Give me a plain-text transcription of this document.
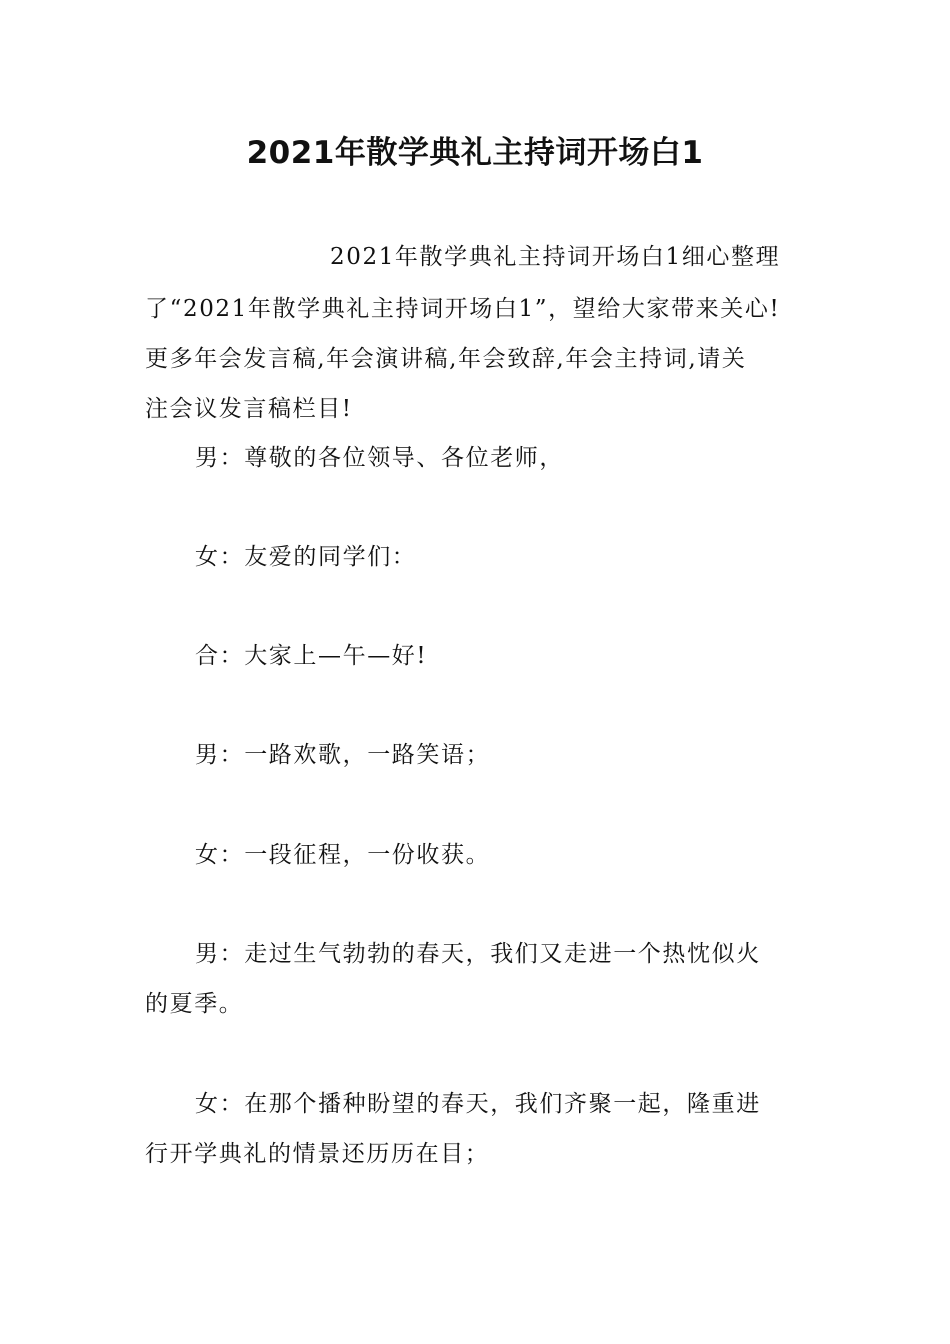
2021年散学典礼主持词开场白1
2021年散学典礼主持词开场白1细心整理
了“2021年散学典礼主持词开场白1”，望给大家带来关心!
更多年会发言稿,年会演讲稿,年会致辞,年会主持词,请关
注会议发言稿栏目!
男：尊敬的各位领导、各位老师，
女：友爱的同学们：
合：大家上—午—好!
男：一路欢歌，一路笑语；
女：一段征程，一份收获。
男：走过生气勃勃的春天，我们又走进一个热忱似火
的夏季。
女：在那个播种盼望的春天，我们齐聚一起，隆重进
行开学典礼的情景还历历在目；
